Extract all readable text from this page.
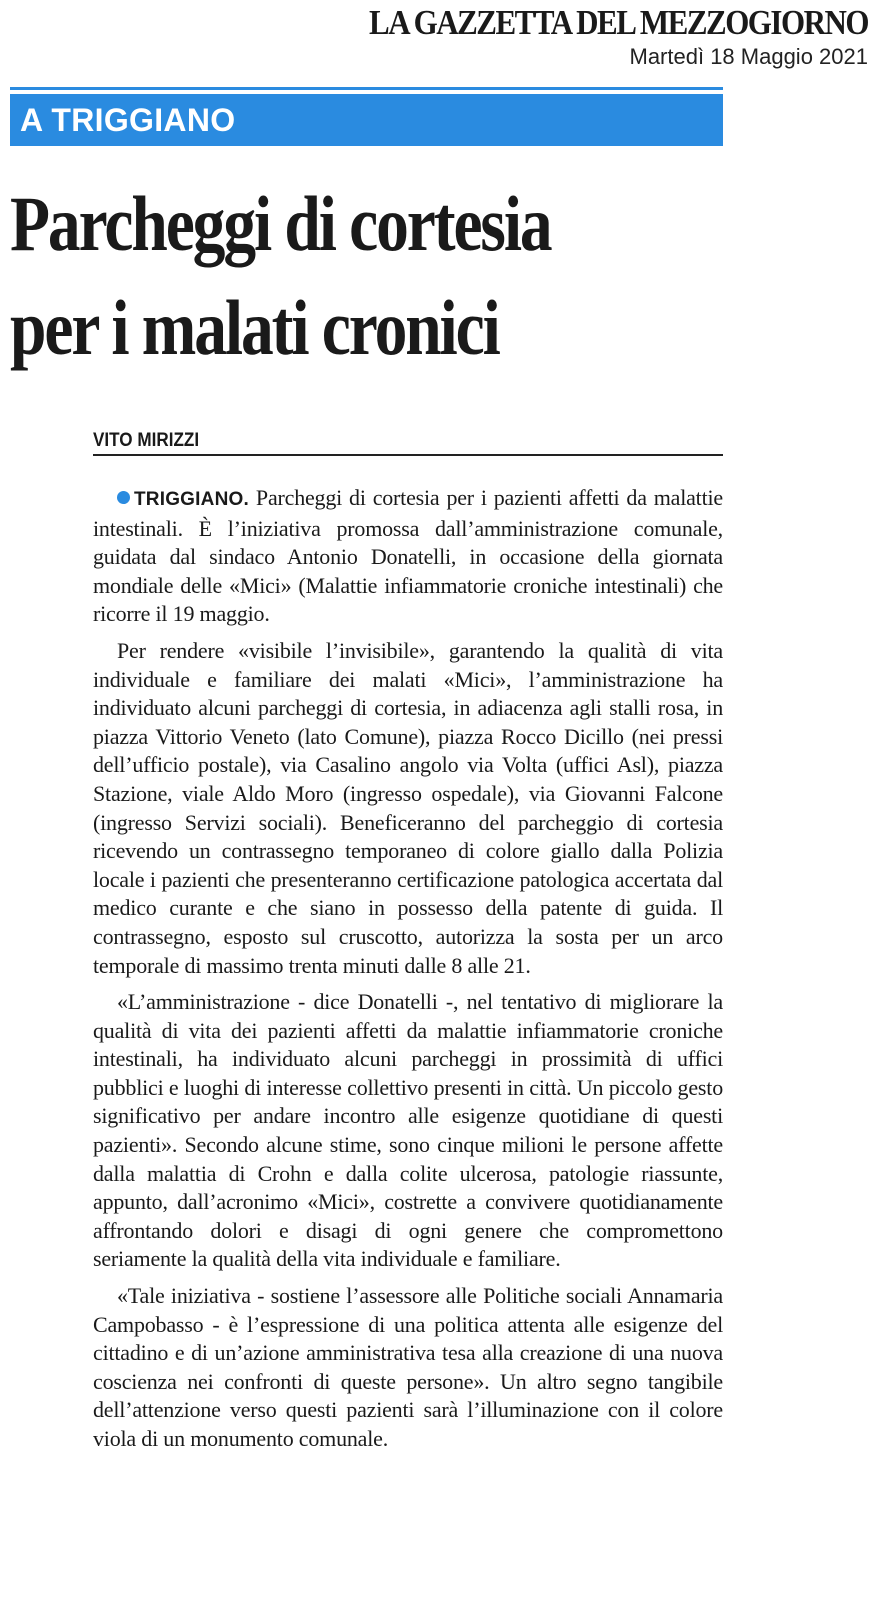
LA GAZZETTA DEL MEZZOGIORNO
Martedì 18 Maggio 2021
A TRIGGIANO
Parcheggi di cortesia
per i malati cronici
VITO MIRIZZI

TRIGGIANO. Parcheggi di cortesia per i pazienti affetti da malattie intestinali. È l’iniziativa promossa dall’amministrazione comunale, guidata dal sindaco Antonio Donatelli, in occasione della giornata mondiale delle «Mici» (Malattie infiammatorie croniche intestinali) che ricorre il 19 maggio.

Per rendere «visibile l’invisibile», garantendo la qualità di vita individuale e familiare dei malati «Mici», l’amministrazione ha individuato alcuni parcheggi di cortesia, in adiacenza agli stalli rosa, in piazza Vittorio Veneto (lato Comune), piazza Rocco Dicillo (nei pressi dell’ufficio postale), via Casalino angolo via Volta (uffici Asl), piazza Stazione, viale Aldo Moro (ingresso ospedale), via Giovanni Falcone (ingresso Servizi sociali). Beneficeranno del parcheggio di cortesia ricevendo un contrassegno temporaneo di colore giallo dalla Polizia locale i pazienti che presenteranno certificazione patologica accertata dal medico curante e che siano in possesso della patente di guida. Il contrassegno, esposto sul cruscotto, autorizza la sosta per un arco temporale di massimo trenta minuti dalle 8 alle 21.

«L’amministrazione - dice Donatelli -, nel tentativo di migliorare la qualità di vita dei pazienti affetti da malattie infiammatorie croniche intestinali, ha individuato alcuni parcheggi in prossimità di uffici pubblici e luoghi di interesse collettivo presenti in città. Un piccolo gesto significativo per andare incontro alle esigenze quotidiane di questi pazienti». Secondo alcune stime, sono cinque milioni le persone affette dalla malattia di Crohn e dalla colite ulcerosa, patologie riassunte, appunto, dall’acronimo «Mici», costrette a convivere quotidianamente affrontando dolori e disagi di ogni genere che compromettono seriamente la qualità della vita individuale e familiare.

«Tale iniziativa - sostiene l’assessore alle Politiche sociali Annamaria Campobasso - è l’espressione di una politica attenta alle esigenze del cittadino e di un’azione amministrativa tesa alla creazione di una nuova coscienza nei confronti di queste persone». Un altro segno tangibile dell’attenzione verso questi pazienti sarà l’illuminazione con il colore viola di un monumento comunale.
